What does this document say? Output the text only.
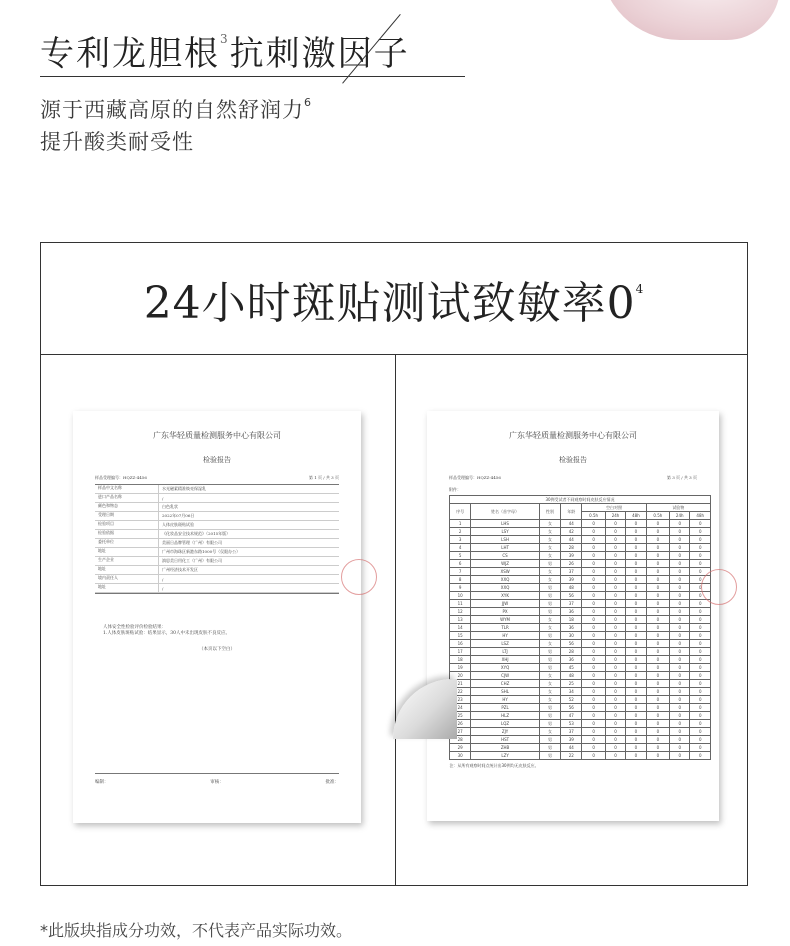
专利龙胆根$^3$抗刺激因子
源于西藏高原的自然舒润力$^6$
提升酸类耐受性
24小时斑贴测试致敏率$0^4$
广东华轻质量检测服务中心有限公司
检验报告
样品受理编号：HQZZ-4456	第 1 页 / 共 3 页
样品中文名称	水光磁素精准焕亮保湿乳
进口产品名称	/
颜色和物态	白色乳状
受理日期	2022年07月06日
检验项目	人体皮肤斑贴试验
检验依据	《化妆品安全技术规范》（2015年版）
委托单位	美丽日品牌管理（广州）有限公司
地址	广州市海珠区新港东路1000号（仅限办公）
生产企业	滇思美日用化工（广州）有限公司
地址	广州经济技术开发区
境内责任人	/
地址	/
人体安全性检验评价检验结果：
1.人体皮肤斑贴试验：结果显示，30人中未出现皮肤不良反应。
（本页以下空白）
编制：	审核：	批准：
广东华轻质量检测服务中心有限公司
检验报告
样品受理编号：HQZZ-4456	第 3 页 / 共 3 页
附件：
30例受试者不同观察时间皮肤反应情况									
序号	姓名（首字母）	性别	年龄	空白对照			试验物		
				0.5h	24h	48h	0.5h	24h	48h
1	LHS	女	44	0	0	0	0	0	0
2	LSY	女	42	0	0	0	0	0	0
3	LSH	女	44	0	0	0	0	0	0
4	LHT	女	28	0	0	0	0	0	0
5	CS	女	39	0	0	0	0	0	0
6	WJZ	男	26	0	0	0	0	0	0
7	XSW	女	37	0	0	0	0	0	0
8	XXQ	女	39	0	0	0	0	0	0
9	XXQ	男	48	0	0	0	0	0	0
10	XYK	男	56	0	0	0	0	0	0
11	JJW	男	37	0	0	0	0	0	0
12	PX	男	36	0	0	0	0	0	0
13	WYM	女	18	0	0	0	0	0	0
14	TLR	女	36	0	0	0	0	0	0
15	HY	男	30	0	0	0	0	0	0
16	LSZ	女	56	0	0	0	0	0	0
17	LTJ	男	28	0	0	0	0	0	0
18	XHJ	男	36	0	0	0	0	0	0
19	XYQ	男	45	0	0	0	0	0	0
20	CJW	女	48	0	0	0	0	0	0
21	CHZ	女	25	0	0	0	0	0	0
22	SHL	女	34	0	0	0	0	0	0
23	HY	女	52	0	0	0	0	0	0
24	PZL	男	56	0	0	0	0	0	0
25	HLZ	男	47	0	0	0	0	0	0
26	LQZ	男	53	0	0	0	0	0	0
27	ZJY	女	37	0	0	0	0	0	0
28	HST	男	39	0	0	0	0	0	0
29	ZHB	男	44	0	0	0	0	0	0
30	LZY	男	22	0	0	0	0	0	0
注：从所有观察时间点统计出30例均无皮肤反应。									
*此版块指成分功效，不代表产品实际功效。
